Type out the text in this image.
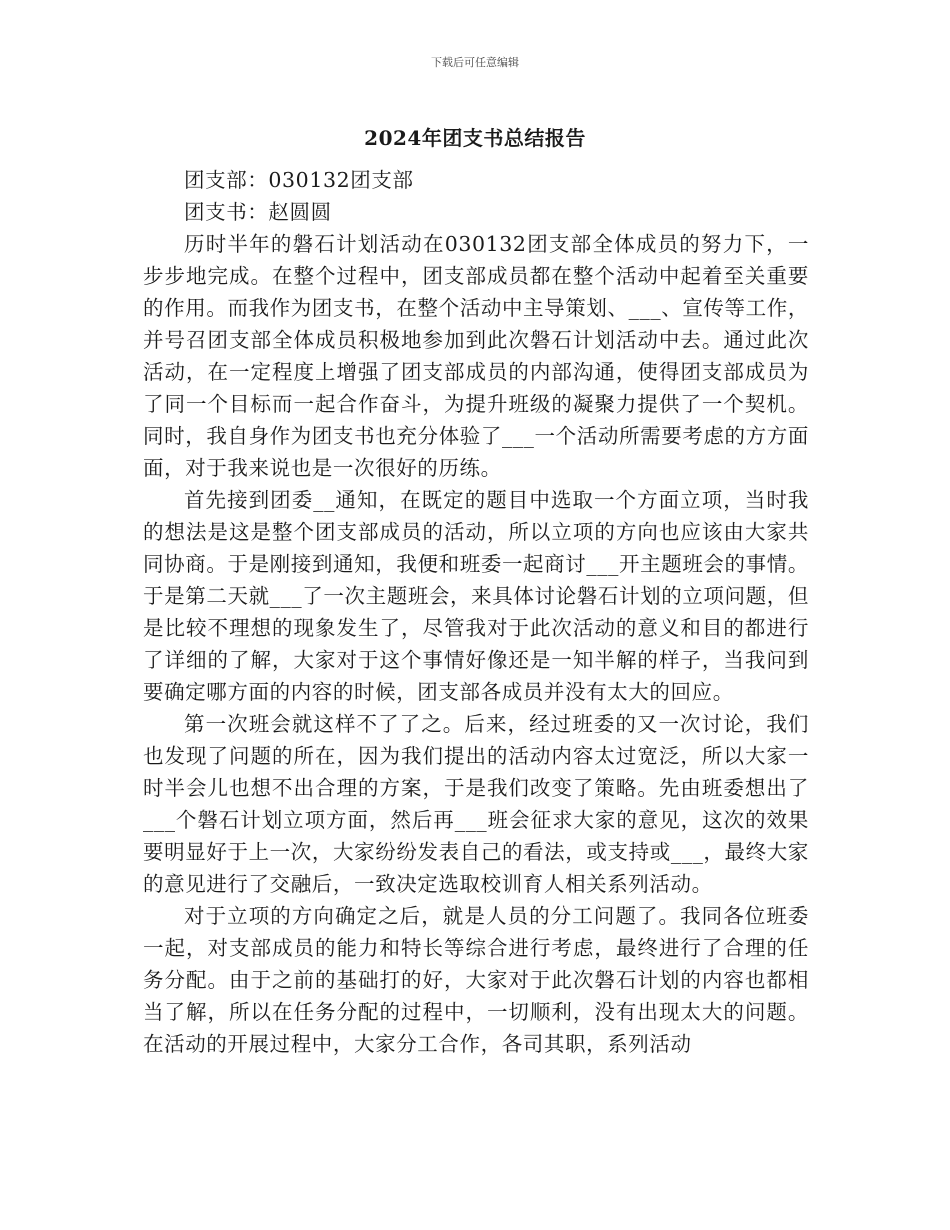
下载后可任意编辑
2024年团支书总结报告

团支部：030132团支部

团支书：赵圆圆

历时半年的磐石计划活动在030132团支部全体成员的努力下，一步步地完成。在整个过程中，团支部成员都在整个活动中起着至关重要的作用。而我作为团支书，在整个活动中主导策划、___、宣传等工作，并号召团支部全体成员积极地参加到此次磐石计划活动中去。通过此次活动，在一定程度上增强了团支部成员的内部沟通，使得团支部成员为了同一个目标而一起合作奋斗，为提升班级的凝聚力提供了一个契机。同时，我自身作为团支书也充分体验了___一个活动所需要考虑的方方面面，对于我来说也是一次很好的历练。

首先接到团委__通知，在既定的题目中选取一个方面立项，当时我的想法是这是整个团支部成员的活动，所以立项的方向也应该由大家共同协商。于是刚接到通知，我便和班委一起商讨___开主题班会的事情。于是第二天就___了一次主题班会，来具体讨论磐石计划的立项问题，但是比较不理想的现象发生了，尽管我对于此次活动的意义和目的都进行了详细的了解，大家对于这个事情好像还是一知半解的样子，当我问到要确定哪方面的内容的时候，团支部各成员并没有太大的回应。

第一次班会就这样不了了之。后来，经过班委的又一次讨论，我们也发现了问题的所在，因为我们提出的活动内容太过宽泛，所以大家一时半会儿也想不出合理的方案，于是我们改变了策略。先由班委想出了___个磐石计划立项方面，然后再___班会征求大家的意见，这次的效果要明显好于上一次，大家纷纷发表自己的看法，或支持或___，最终大家的意见进行了交融后，一致决定选取校训育人相关系列活动。

对于立项的方向确定之后，就是人员的分工问题了。我同各位班委一起，对支部成员的能力和特长等综合进行考虑，最终进行了合理的任务分配。由于之前的基础打的好，大家对于此次磐石计划的内容也都相当了解，所以在任务分配的过程中，一切顺利，没有出现太大的问题。在活动的开展过程中，大家分工合作，各司其职，系列活动
